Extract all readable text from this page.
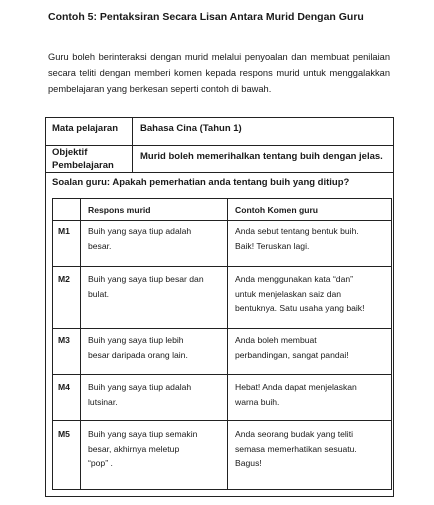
Contoh 5: Pentaksiran Secara Lisan Antara Murid Dengan Guru
Guru boleh berinteraksi dengan murid melalui penyoalan dan membuat penilaian secara teliti dengan memberi komen kepada respons murid untuk menggalakkan pembelajaran yang berkesan seperti contoh di bawah.
Mata pelajaran Bahasa Cina (Tahun 1)
Objektif
Pembelajaran
Murid boleh memerihalkan tentang buih dengan jelas.
Soalan guru: Apakah pemerhatian anda tentang buih yang ditiup?
Respons murid	Contoh Komen guru
M1 Buih yang saya tiup adalah
besar.
Anda sebut tentang bentuk buih.
Baik! Teruskan lagi.
M2 Buih yang saya tiup besar dan
bulat.
Anda menggunakan kata “dan”
untuk menjelaskan saiz dan
bentuknya. Satu usaha yang baik!
M3 Buih yang saya tiup lebih
besar daripada orang lain.
Anda boleh membuat
perbandingan, sangat pandai!
M4 Buih yang saya tiup adalah
lutsinar.
Hebat! Anda dapat menjelaskan
warna buih.
M5 Buih yang saya tiup semakin
besar, akhirnya meletup
“pop” .
Anda seorang budak yang teliti
semasa memerhatikan sesuatu.
Bagus!
